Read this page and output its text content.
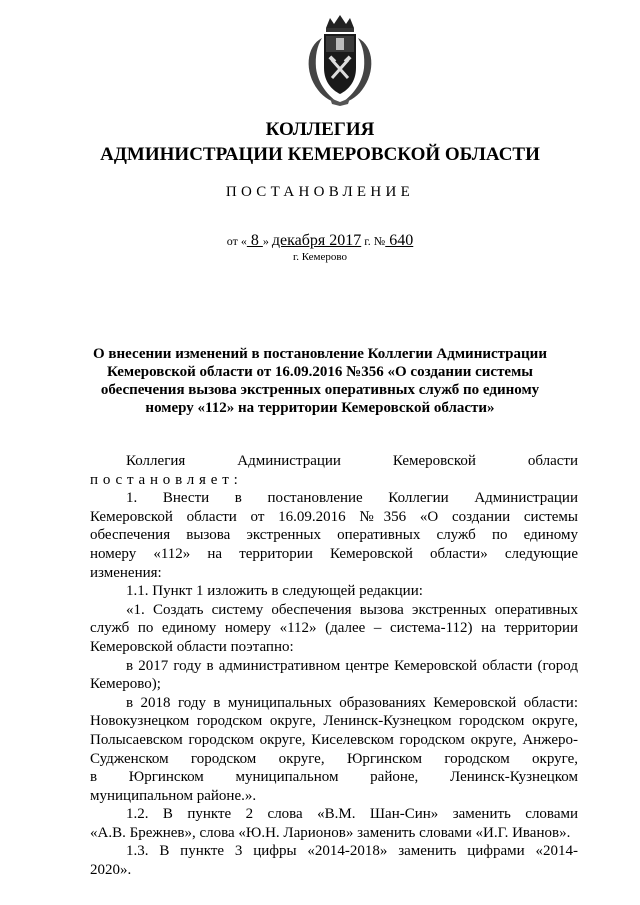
КОЛЛЕГИЯ
АДМИНИСТРАЦИИ КЕМЕРОВСКОЙ ОБЛАСТИ
ПОСТАНОВЛЕНИЕ
от « 8 » декабря 2017 г. № 640
г. Кемерово
О внесении изменений в постановление Коллегии Администрации
Кемеровской области от 16.09.2016 №356 «О создании системы
обеспечения вызова экстренных оперативных служб по единому
номеру «112» на территории Кемеровской области»

Коллегия Администрации Кемеровской области постановляет:

1. Внести в постановление Коллегии Администрации

Кемеровской области от 16.09.2016 №356 «О создании системы

обеспечения вызова экстренных оперативных служб по единому

номеру «112» на территории Кемеровской области» следующие

изменения:

1.1. Пункт 1 изложить в следующей редакции:

«1. Создать систему обеспечения вызова экстренных оперативных

служб по единому номеру «112» (далее – система-112) на территории

Кемеровской области поэтапно:

в 2017 году в административном центре Кемеровской области (город

Кемерово);

в 2018 году в муниципальных образованиях Кемеровской области:

Новокузнецком городском округе, Ленинск-Кузнецком городском округе,

Полысаевском городском округе, Киселевском городском округе, Анжеро-

Судженском городском округе, Юргинском городском округе,

в Юргинском муниципальном районе, Ленинск-Кузнецком

муниципальном районе.».

1.2. В пункте 2 слова «В.М. Шан-Син» заменить словами

«А.В. Брежнев», слова «Ю.Н. Ларионов» заменить словами «И.Г. Иванов».

1.3. В пункте 3 цифры «2014-2018» заменить цифрами «2014-

2020».
